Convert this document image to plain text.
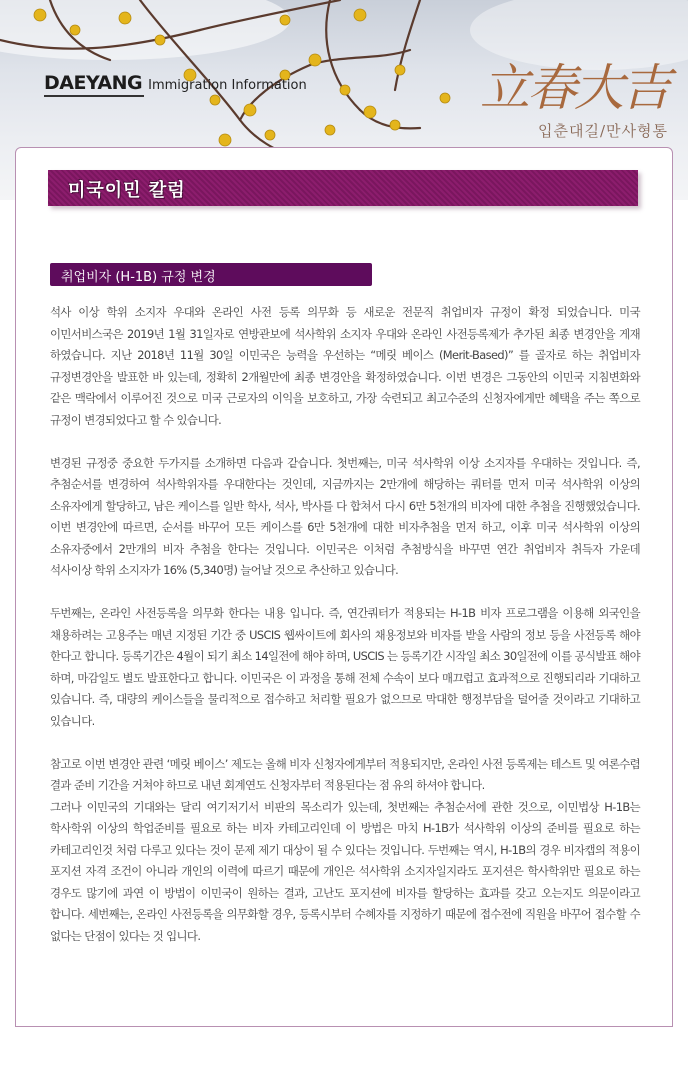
DAEYANG Immigration Information	立春大吉
입춘대길/만사형통
미국이민 칼럼
취업비자 (H-1B) 규정 변경

석사 이상 학위 소지자 우대와 온라인 사전 등록 의무화 등 새로운 전문직 취업비자 규정이 확정 되었습니다. 미국 이민서비스국은 2019년 1월 31일자로 연방관보에 석사학위 소지자 우대와 온라인 사전등록제가 추가된 최종 변경안을 게재 하였습니다. 지난 2018년 11월 30일 이민국은 능력을 우선하는 “메릿 베이스 (Merit-Based)” 를 골자로 하는 취업비자 규정변경안을 발표한 바 있는데, 정확히 2개월만에 최종 변경안을 확정하였습니다. 이번 변경은 그동안의 이민국 지침변화와 같은 맥락에서 이루어진 것으로 미국 근로자의 이익을 보호하고, 가장 숙련되고 최고수준의 신청자에게만 혜택을 주는 쪽으로 규정이 변경되었다고 할 수 있습니다.

변경된 규정중 중요한 두가지를 소개하면 다음과 같습니다. 첫번째는, 미국 석사학위 이상 소지자를 우대하는 것입니다. 즉, 추첨순서를 변경하여 석사학위자를 우대한다는 것인데, 지금까지는 2만개에 해당하는 쿼터를 먼저 미국 석사학위 이상의 소유자에게 할당하고, 남은 케이스를 일반 학사, 석사, 박사를 다 합쳐서 다시 6만 5천개의 비자에 대한 추첨을 진행했었습니다. 이번 변경안에 따르면, 순서를 바꾸어 모든 케이스를 6만 5천개에 대한 비자추첨을 먼저 하고, 이후 미국 석사학위 이상의 소유자중에서 2만개의 비자 추첨을 한다는 것입니다. 이민국은 이처럼 추첨방식을 바꾸면 연간 취업비자 취득자 가운데 석사이상 학위 소지자가 16% (5,340명) 늘어날 것으로 추산하고 있습니다.

두번째는, 온라인 사전등록을 의무화 한다는 내용 입니다. 즉, 연간쿼터가 적용되는 H-1B 비자 프로그램을 이용해 외국인을 채용하려는 고용주는 매년 지정된 기간 중 USCIS 웹싸이트에 회사의 채용정보와 비자를 받을 사람의 정보 등을 사전등록 해야 한다고 합니다. 등록기간은 4월이 되기 최소 14일전에 해야 하며, USCIS 는 등록기간 시작일 최소 30일전에 이를 공식발표 해야 하며, 마감일도 별도 발표한다고 합니다. 이민국은 이 과정을 통해 전체 수속이 보다 매끄럽고 효과적으로 진행되리라 기대하고 있습니다. 즉, 대량의 케이스들을 물리적으로 접수하고 처리할 필요가 없으므로 막대한 행정부담을 덜어줄 것이라고 기대하고 있습니다.

참고로 이번 변경안 관련 ‘메릿 베이스’ 제도는 올해 비자 신청자에게부터 적용되지만, 온라인 사전 등록제는 테스트 및 여론수렴 결과 준비 기간을 거쳐야 하므로 내년 회계연도 신청자부터 적용된다는 점 유의 하셔야 합니다.

그러나 이민국의 기대와는 달리 여기저기서 비판의 목소리가 있는데, 첫번째는 추첨순서에 관한 것으로, 이민법상 H-1B는 학사학위 이상의 학업준비를 필요로 하는 비자 카테고리인데 이 방법은 마치 H-1B가 석사학위 이상의 준비를 필요로 하는 카테고리인것 처럼 다루고 있다는 것이 문제 제기 대상이 될 수 있다는 것입니다. 두번째는 역시, H-1B의 경우 비자캡의 적용이 포지션 자격 조건이 아니라 개인의 이력에 따르기 때문에 개인은 석사학위 소지자일지라도 포지션은 학사학위만 필요로 하는 경우도 많기에 과연 이 방법이 이민국이 원하는 결과, 고난도 포지션에 비자를 할당하는 효과를 갖고 오는지도 의문이라고 합니다. 세번째는, 온라인 사전등록을 의무화할 경우, 등록시부터 수혜자를 지정하기 때문에 접수전에 직원을 바꾸어 접수할 수 없다는 단점이 있다는 것 입니다.
